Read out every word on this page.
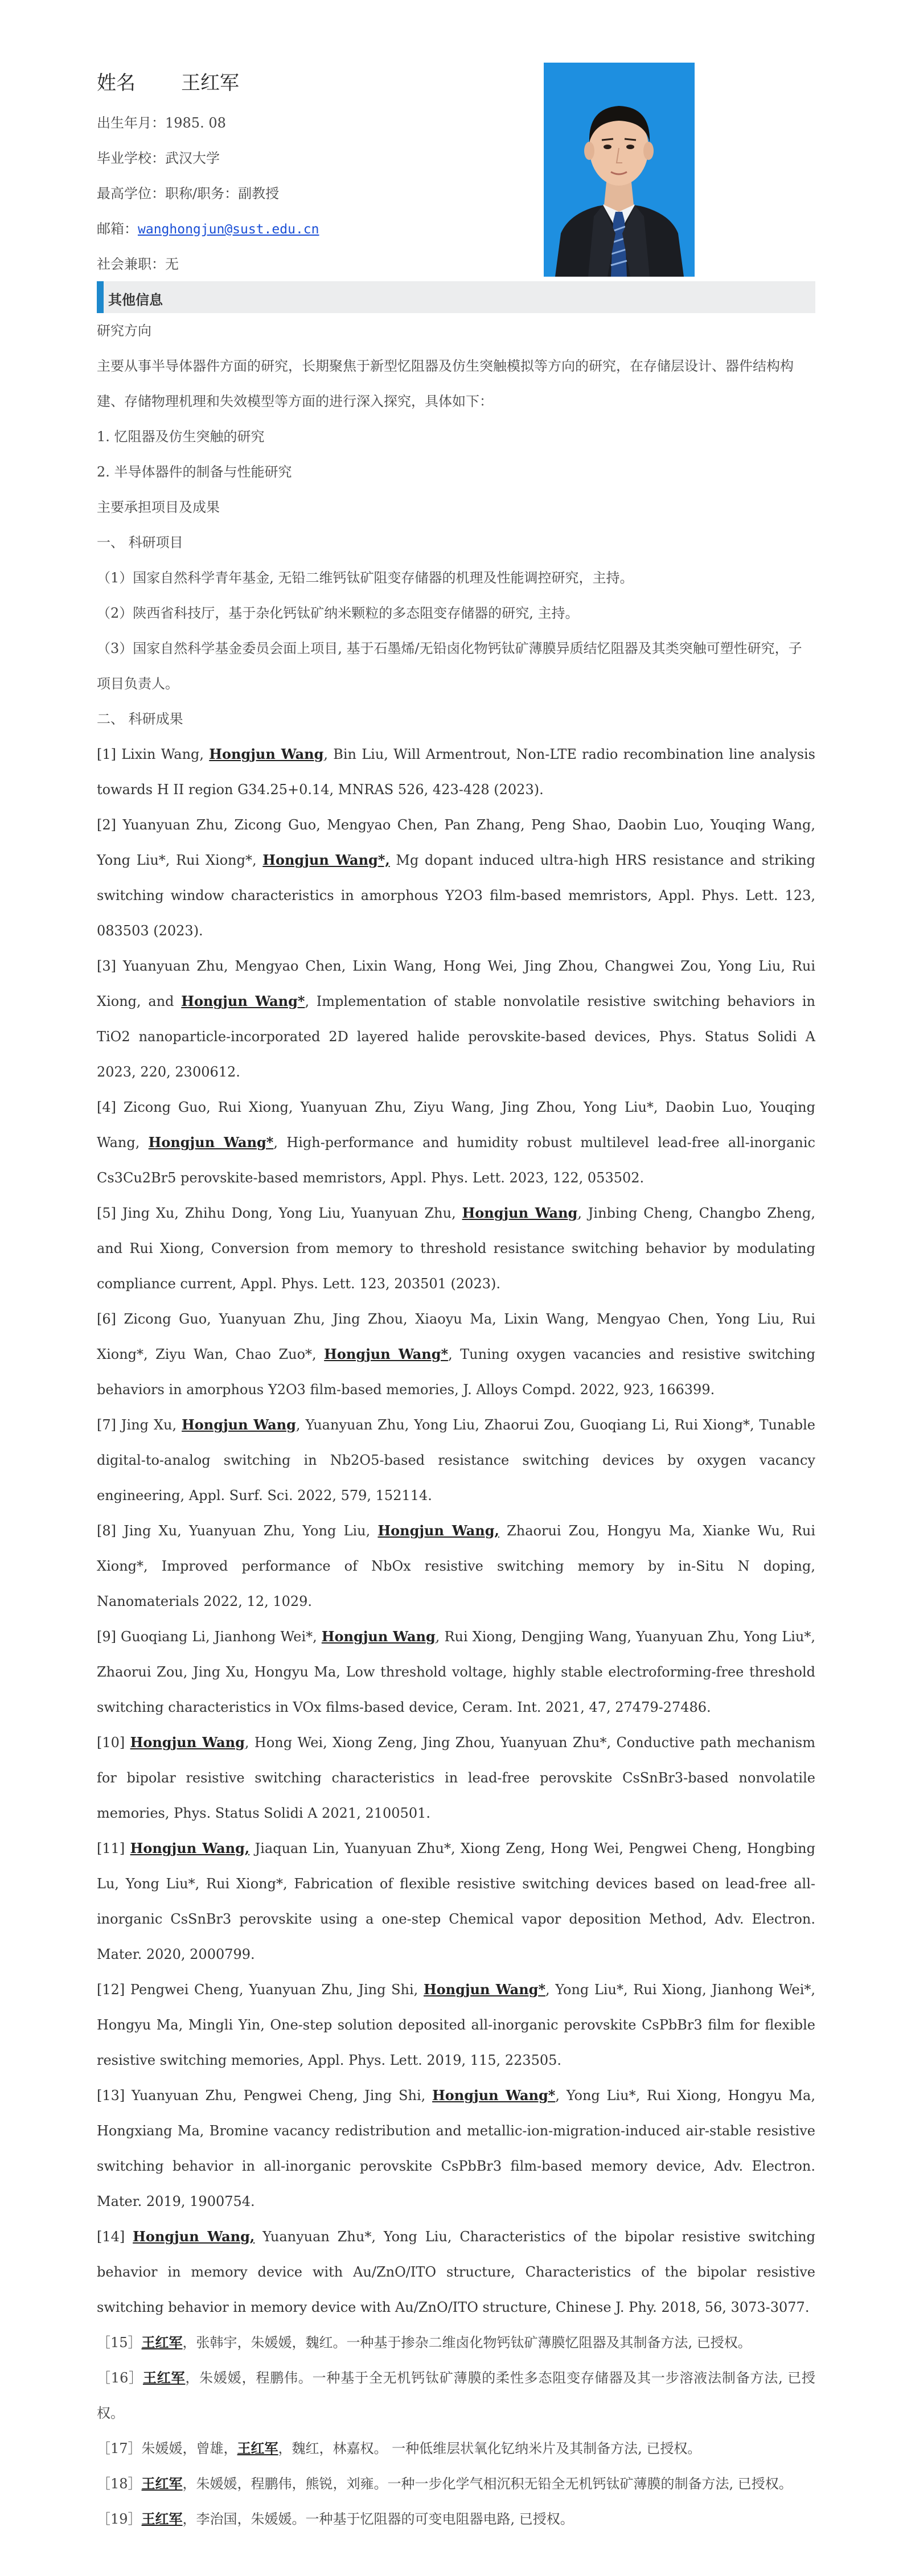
姓名 王红军
出生年月：1985. 08
毕业学校：武汉大学
最高学位：职称/职务：副教授
邮箱：wanghongjun@sust.edu.cn
社会兼职：无
其他信息

研究方向

主要从事半导体器件方面的研究，长期聚焦于新型忆阻器及仿生突触模拟等方向的研究，在存储层设计、器件结构构建、存储物理机理和失效模型等方面的进行深入探究，具体如下：

1. 忆阻器及仿生突触的研究

2. 半导体器件的制备与性能研究

主要承担项目及成果

一、 科研项目

（1）国家自然科学青年基金, 无铅二维钙钛矿阻变存储器的机理及性能调控研究，主持。

（2）陕西省科技厅，基于杂化钙钛矿纳米颗粒的多态阻变存储器的研究, 主持。

（3）国家自然科学基金委员会面上项目, 基于石墨烯/无铅卤化物钙钛矿薄膜异质结忆阻器及其类突触可塑性研究，子项目负责人。

二、 科研成果

[1] Lixin Wang, Hongjun Wang, Bin Liu, Will Armentrout, Non-LTE radio recombination line analysis towards H II region G34.25+0.14, MNRAS 526, 423-428 (2023).

[2] Yuanyuan Zhu, Zicong Guo, Mengyao Chen, Pan Zhang, Peng Shao, Daobin Luo, Youqing Wang, Yong Liu*, Rui Xiong*, Hongjun Wang*, Mg dopant induced ultra-high HRS resistance and striking switching window characteristics in amorphous Y2O3 film-based memristors, Appl. Phys. Lett. 123, 083503 (2023).

[3] Yuanyuan Zhu, Mengyao Chen, Lixin Wang, Hong Wei, Jing Zhou, Changwei Zou, Yong Liu, Rui Xiong, and Hongjun Wang*, Implementation of stable nonvolatile resistive switching behaviors in TiO2 nanoparticle-incorporated 2D layered halide perovskite-based devices, Phys. Status Solidi A 2023, 220, 2300612.

[4] Zicong Guo, Rui Xiong, Yuanyuan Zhu, Ziyu Wang, Jing Zhou, Yong Liu*, Daobin Luo, Youqing Wang, Hongjun Wang*, High-performance and humidity robust multilevel lead-free all-inorganic Cs3Cu2Br5 perovskite-based memristors, Appl. Phys. Lett. 2023, 122, 053502.

[5] Jing Xu, Zhihu Dong, Yong Liu, Yuanyuan Zhu, Hongjun Wang, Jinbing Cheng, Changbo Zheng, and Rui Xiong, Conversion from memory to threshold resistance switching behavior by modulating compliance current, Appl. Phys. Lett. 123, 203501 (2023).

[6] Zicong Guo, Yuanyuan Zhu, Jing Zhou, Xiaoyu Ma, Lixin Wang, Mengyao Chen, Yong Liu, Rui Xiong*, Ziyu Wan, Chao Zuo*, Hongjun Wang*, Tuning oxygen vacancies and resistive switching behaviors in amorphous Y2O3 film-based memories, J. Alloys Compd. 2022, 923, 166399.

[7] Jing Xu, Hongjun Wang, Yuanyuan Zhu, Yong Liu, Zhaorui Zou, Guoqiang Li, Rui Xiong*, Tunable digital-to-analog switching in Nb2O5-based resistance switching devices by oxygen vacancy engineering, Appl. Surf. Sci. 2022, 579, 152114.

[8] Jing Xu, Yuanyuan Zhu, Yong Liu, Hongjun Wang, Zhaorui Zou, Hongyu Ma, Xianke Wu, Rui Xiong*, Improved performance of NbOx resistive switching memory by in-Situ N doping, Nanomaterials 2022, 12, 1029.

[9] Guoqiang Li, Jianhong Wei*, Hongjun Wang, Rui Xiong, Dengjing Wang, Yuanyuan Zhu, Yong Liu*, Zhaorui Zou, Jing Xu, Hongyu Ma, Low threshold voltage, highly stable electroforming-free threshold switching characteristics in VOx films-based device, Ceram. Int. 2021, 47, 27479-27486.

[10] Hongjun Wang, Hong Wei, Xiong Zeng, Jing Zhou, Yuanyuan Zhu*, Conductive path mechanism for bipolar resistive switching characteristics in lead-free perovskite CsSnBr3-based nonvolatile memories, Phys. Status Solidi A 2021, 2100501.

[11] Hongjun Wang, Jiaquan Lin, Yuanyuan Zhu*, Xiong Zeng, Hong Wei, Pengwei Cheng, Hongbing Lu, Yong Liu*, Rui Xiong*, Fabrication of flexible resistive switching devices based on lead-free all-inorganic CsSnBr3 perovskite using a one-step Chemical vapor deposition Method, Adv. Electron. Mater. 2020, 2000799.

[12] Pengwei Cheng, Yuanyuan Zhu, Jing Shi, Hongjun Wang*, Yong Liu*, Rui Xiong, Jianhong Wei*, Hongyu Ma, Mingli Yin, One-step solution deposited all-inorganic perovskite CsPbBr3 film for flexible resistive switching memories, Appl. Phys. Lett. 2019, 115, 223505.

[13] Yuanyuan Zhu, Pengwei Cheng, Jing Shi, Hongjun Wang*, Yong Liu*, Rui Xiong, Hongyu Ma, Hongxiang Ma, Bromine vacancy redistribution and metallic-ion-migration-induced air-stable resistive switching behavior in all-inorganic perovskite CsPbBr3 film-based memory device, Adv. Electron. Mater. 2019, 1900754.

[14] Hongjun Wang, Yuanyuan Zhu*, Yong Liu, Characteristics of the bipolar resistive switching behavior in memory device with Au/ZnO/ITO structure, Characteristics of the bipolar resistive switching behavior in memory device with Au/ZnO/ITO structure, Chinese J. Phy. 2018, 56, 3073-3077.

［15］王红军，张韩宇，朱媛媛，魏红。一种基于掺杂二维卤化物钙钛矿薄膜忆阻器及其制备方法, 已授权。

［16］王红军，朱媛媛，程鹏伟。一种基于全无机钙钛矿薄膜的柔性多态阻变存储器及其一步溶液法制备方法, 已授权。

［17］朱媛媛，曾雄，王红军，魏红，林嘉权。 一种低维层状氧化钇纳米片及其制备方法, 已授权。

［18］王红军，朱媛媛，程鹏伟，熊锐，刘雍。一种一步化学气相沉积无铅全无机钙钛矿薄膜的制备方法, 已授权。

［19］王红军，李治国，朱媛媛。一种基于忆阻器的可变电阻器电路, 已授权。
